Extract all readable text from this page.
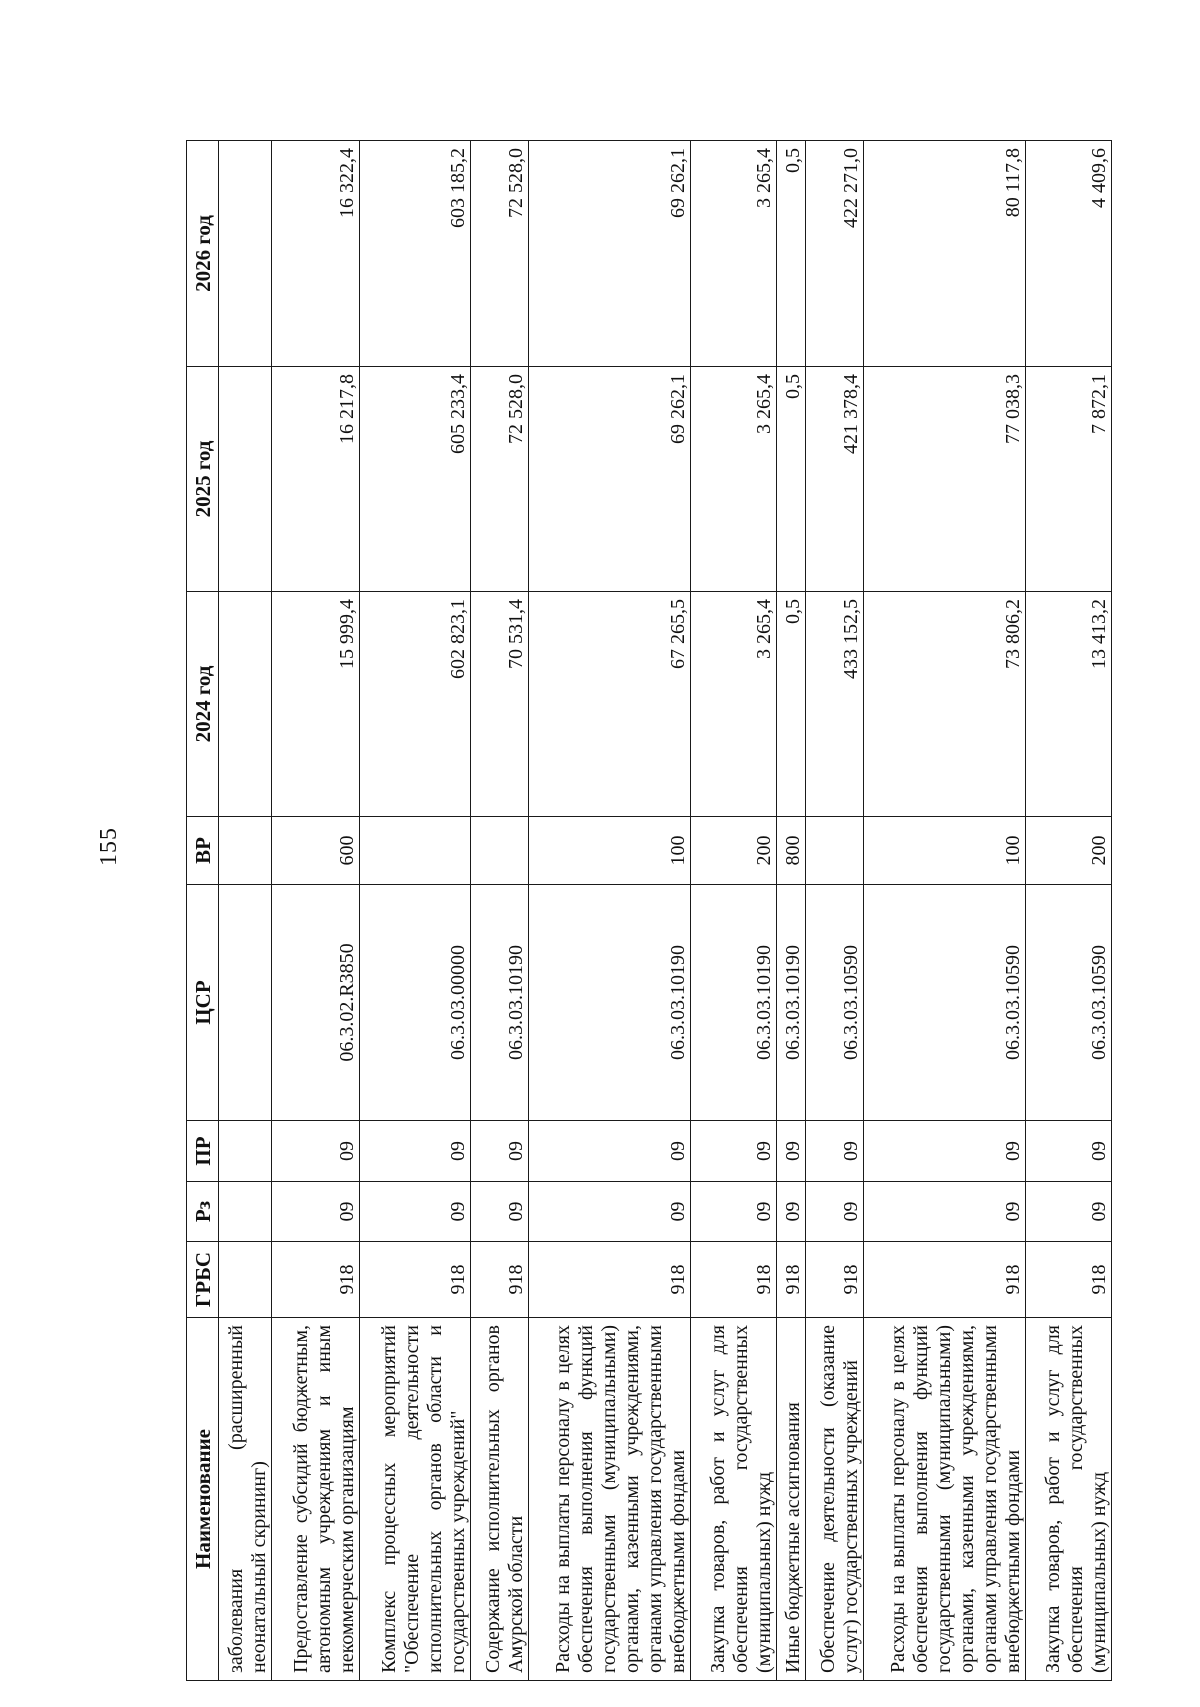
155
Наименование	ГРБС	Рз	ПР	ЦСР	ВР	2024 год	2025 год	2026 год
заболевания (расширенный неонатальный скрининг)								
Предоставление субсидий бюджетным, автономным учреждениям и иным некоммерческим организациям	918	09	09	06.3.02.R3850	600	15 999,4	16 217,8	16 322,4
Комплекс процессных мероприятий "Обеспечение деятельности исполнительных органов области и государственных учреждений"	918	09	09	06.3.03.00000		602 823,1	605 233,4	603 185,2
Содержание исполнительных органов Амурской области	918	09	09	06.3.03.10190		70 531,4	72 528,0	72 528,0
Расходы на выплаты персоналу в целях обеспечения выполнения функций государственными (муниципальными) органами, казенными учреждениями, органами управления государственными внебюджетными фондами	918	09	09	06.3.03.10190	100	67 265,5	69 262,1	69 262,1
Закупка товаров, работ и услуг для обеспечения государственных (муниципальных) нужд	918	09	09	06.3.03.10190	200	3 265,4	3 265,4	3 265,4
Иные бюджетные ассигнования	918	09	09	06.3.03.10190	800	0,5	0,5	0,5
Обеспечение деятельности (оказание услуг) государственных учреждений	918	09	09	06.3.03.10590		433 152,5	421 378,4	422 271,0
Расходы на выплаты персоналу в целях обеспечения выполнения функций государственными (муниципальными) органами, казенными учреждениями, органами управления государственными внебюджетными фондами	918	09	09	06.3.03.10590	100	73 806,2	77 038,3	80 117,8
Закупка товаров, работ и услуг для обеспечения государственных (муниципальных) нужд	918	09	09	06.3.03.10590	200	13 413,2	7 872,1	4 409,6
